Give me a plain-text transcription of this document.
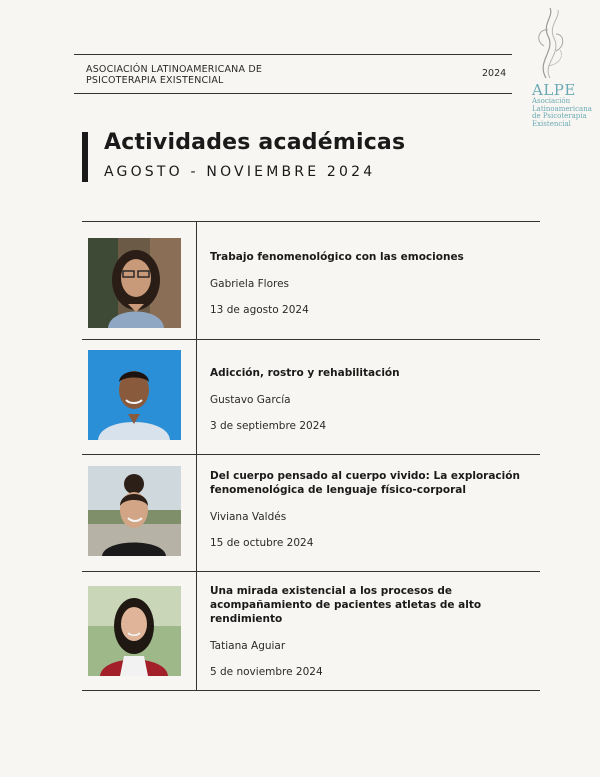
ASOCIACIÓN LATINOAMERICANA DE
PSICOTERAPIA EXISTENCIAL
2024
ALPE
Asociación
Latinoamericana
de Psicoterapia
Existencial
Actividades académicas
AGOSTO - NOVIEMBRE 2024
Trabajo fenomenológico con las emociones
Gabriela Flores
13 de agosto 2024
Adicción, rostro y rehabilitación
Gustavo García
3 de septiembre 2024
Del cuerpo pensado al cuerpo vivido: La exploración fenomenológica de lenguaje físico-corporal
Viviana Valdés
15 de octubre 2024
Una mirada existencial a los procesos de acompañamiento de pacientes atletas de alto rendimiento
Tatiana Aguiar
5 de noviembre 2024
